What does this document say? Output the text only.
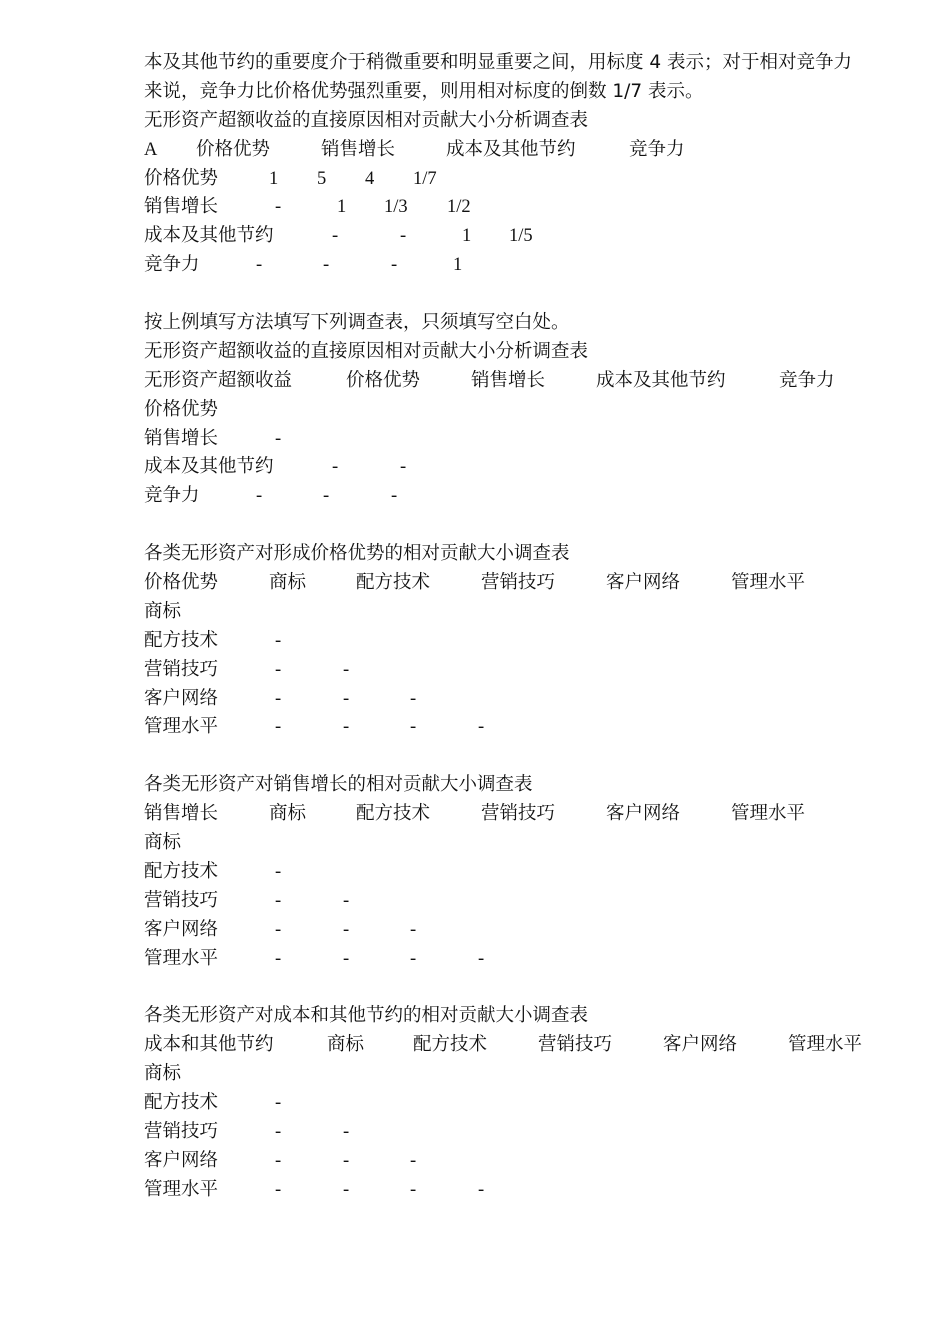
本及其他节约的重要度介于稍微重要和明显重要之间，用标度 4 表示；对于相对竞争力
来说，竞争力比价格优势强烈重要，则用相对标度的倒数 1/7 表示。
无形资产超额收益的直接原因相对贡献大小分析调查表
A 价格优势	销售增长	成本及其他节约	竞争力
价格优势	1 5 4 1/7
销售增长	-	1 1/3 1/2
成本及其他节约	-	-	1 1/5
竞争力	-	-	-	1
按上例填写方法填写下列调查表，只须填写空白处。
无形资产超额收益的直接原因相对贡献大小分析调查表
无形资产超额收益	价格优势	销售增长	成本及其他节约	竞争力
价格优势
销售增长	-
成本及其他节约	-	-
竞争力	-	-	-
各类无形资产对形成价格优势的相对贡献大小调查表
价格优势	商标	配方技术	营销技巧	客户网络	管理水平
商标
配方技术	-
营销技巧	-	-
客户网络	-	-	-
管理水平	-	-	-	-
各类无形资产对销售增长的相对贡献大小调查表
销售增长	商标	配方技术	营销技巧	客户网络	管理水平
商标
配方技术	-
营销技巧	-	-
客户网络	-	-	-
管理水平	-	-	-	-
各类无形资产对成本和其他节约的相对贡献大小调查表
成本和其他节约	商标	配方技术	营销技巧	客户网络	管理水平
商标
配方技术	-
营销技巧	-	-
客户网络	-	-	-
管理水平	-	-	-	-
